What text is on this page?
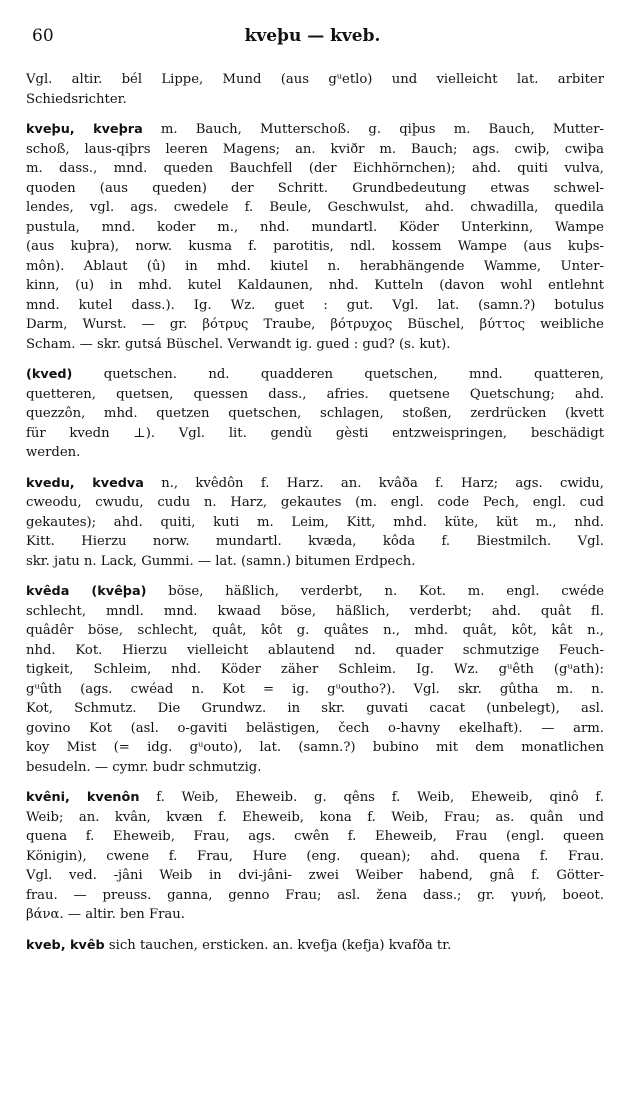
60	kveþu — kveb.
Vgl. altir. bél Lippe, Mund (aus gᵘetlo) und vielleicht lat. arbiter
Schiedsrichter.
kveþu, kveþra m. Bauch, Mutterschoß. g. qiþus m. Bauch, Mutter-
schoß, laus-qiþrs leeren Magens; an. kviðr m. Bauch; ags. cwiþ, cwiþa
m. dass., mnd. queden Bauchfell (der Eichhörnchen); ahd. quiti vulva,
quoden (aus queden) der Schritt. Grundbedeutung etwas schwel-
lendes, vgl. ags. cwedele f. Beule, Geschwulst, ahd. chwadilla, quedila
pustula, mnd. koder m., nhd. mundartl. Köder Unterkinn, Wampe
(aus kuþra), norw. kusma f. parotitis, ndl. kossem Wampe (aus kuþs-
môn). Ablaut (û) in mhd. kiutel n. herabhängende Wamme, Unter-
kinn, (u) in mhd. kutel Kaldaunen, nhd. Kutteln (davon wohl entlehnt
mnd. kutel dass.). Ig. Wz. guet : gut. Vgl. lat. (samn.?) botulus
Darm, Wurst. — gr. βότρυς Traube, βότρυχος Büschel, βύττος weibliche
Scham. — skr. gutsá Büschel. Verwandt ig. gued : gud? (s. kut).
(kved) quetschen. nd. quadderen quetschen, mnd. quatteren,
quetteren, quetsen, quessen dass., afries. quetsene Quetschung; ahd.
quezzôn, mhd. quetzen quetschen, schlagen, stoßen, zerdrücken (kvett
für kvedn ⊥). Vgl. lit. gendù gèsti entzweispringen, beschädigt
werden.
kvedu, kvedva n., kvêdôn f. Harz. an. kvâða f. Harz; ags. cwidu,
cweodu, cwudu, cudu n. Harz, gekautes (m. engl. code Pech, engl. cud
gekautes); ahd. quiti, kuti m. Leim, Kitt, mhd. küte, küt m., nhd.
Kitt. Hierzu norw. mundartl. kvæda, kôda f. Biestmilch. Vgl.
skr. jatu n. Lack, Gummi. — lat. (samn.) bitumen Erdpech.
kvêda (kvêþa) böse, häßlich, verderbt, n. Kot. m. engl. cwéde
schlecht, mndl. mnd. kwaad böse, häßlich, verderbt; ahd. quât fl.
quâdêr böse, schlecht, quât, kôt g. quâtes n., mhd. quât, kôt, kât n.,
nhd. Kot. Hierzu vielleicht ablautend nd. quader schmutzige Feuch-
tigkeit, Schleim, nhd. Köder zäher Schleim. Ig. Wz. gᵘêth (gᵘath):
gᵘûth (ags. cwéad n. Kot = ig. gᵘoutho?). Vgl. skr. gûtha m. n.
Kot, Schmutz. Die Grundwz. in skr. guvati cacat (unbelegt), asl.
govino Kot (asl. o-gaviti belästigen, čech o-havny ekelhaft). — arm.
koy Mist (= idg. gᵘouto), lat. (samn.?) bubino mit dem monatlichen
besudeln. — cymr. budr schmutzig.
kvêni, kvenôn f. Weib, Eheweib. g. qêns f. Weib, Eheweib, qinô f.
Weib; an. kvân, kvæn f. Eheweib, kona f. Weib, Frau; as. quân und
quena f. Eheweib, Frau, ags. cwên f. Eheweib, Frau (engl. queen
Königin), cwene f. Frau, Hure (eng. quean); ahd. quena f. Frau.
Vgl. ved. -jâni Weib in dvi-jâni- zwei Weiber habend, gnâ f. Götter-
frau. — preuss. ganna, genno Frau; asl. žena dass.; gr. γυνή, boeot.
βάνα. — altir. ben Frau.
kveb, kvêb sich tauchen, ersticken. an. kvefja (kefja) kvafða tr.
